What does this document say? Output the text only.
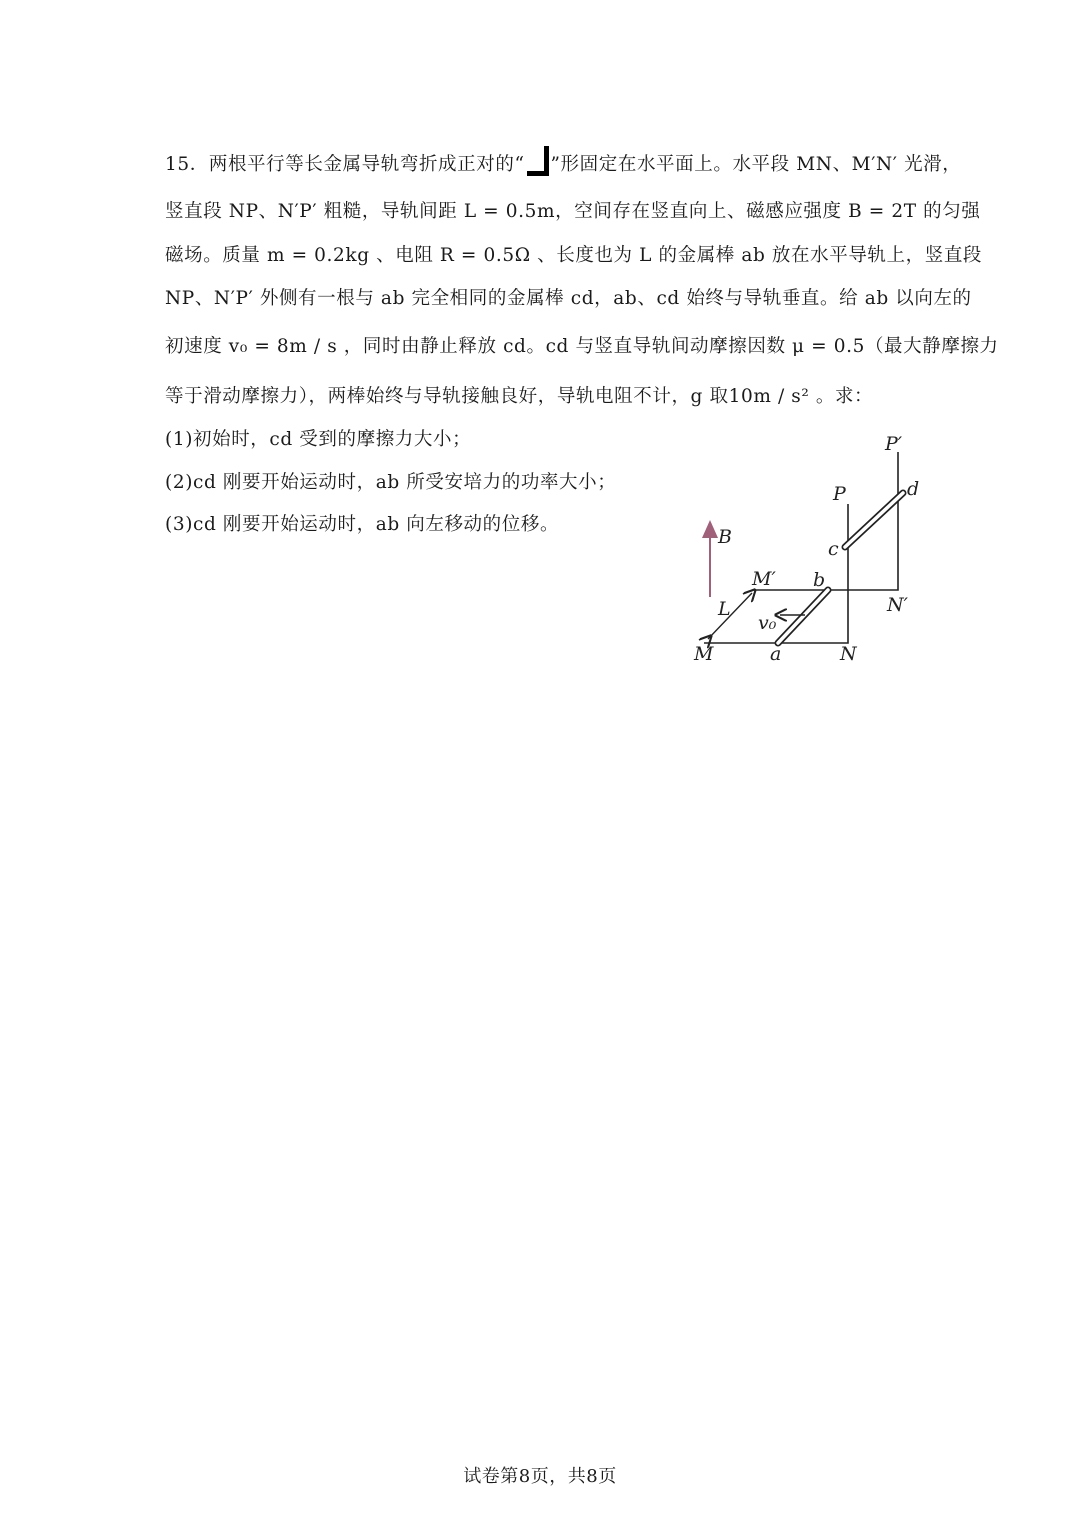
15．两根平行等长金属导轨弯折成正对的“ ”形固定在水平面上。水平段 MN、M′N′ 光滑，
竖直段 NP、N′P′ 粗糙，导轨间距 L = 0.5m，空间存在竖直向上、磁感应强度 B = 2T 的匀强
磁场。质量 m = 0.2kg 、电阻 R = 0.5Ω 、长度也为 L 的金属棒 ab 放在水平导轨上，竖直段
NP、N′P′ 外侧有一根与 ab 完全相同的金属棒 cd，ab、cd 始终与导轨垂直。给 ab 以向左的
初速度 v₀ = 8m / s ，同时由静止释放 cd。cd 与竖直导轨间动摩擦因数 μ = 0.5（最大静摩擦力
等于滑动摩擦力），两棒始终与导轨接触良好，导轨电阻不计，g 取10m / s² 。求：
(1)初始时，cd 受到的摩擦力大小；
(2)cd 刚要开始运动时，ab 所受安培力的功率大小；
(3)cd 刚要开始运动时，ab 向左移动的位移。
B
P′
P	d
c
M′ b
N′
L
v₀
M	a	N
试卷第8页，共8页
